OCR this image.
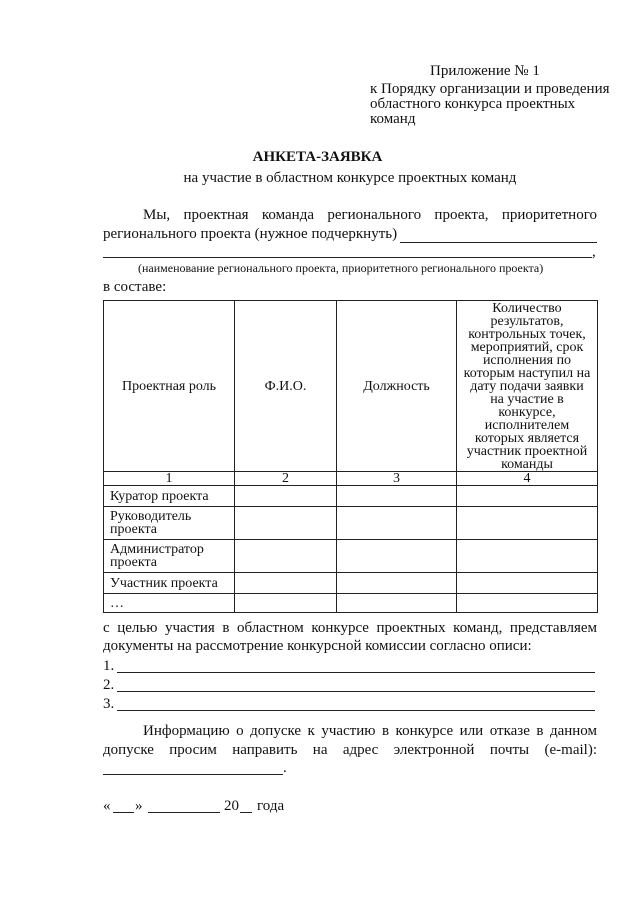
Приложение № 1
к Порядку организации и проведения
областного конкурса проектных
команд
АНКЕТА-ЗАЯВКА
на участие в областном конкурсе проектных команд
Мы, проектная команда регионального проекта, приоритетного
регионального проекта (нужное подчеркнуть)
,
(наименование регионального проекта, приоритетного регионального проекта)
в составе:
Проектная роль	Ф.И.О.	Должность	Количество результатов, контрольных точек, мероприятий, срок исполнения по которым наступил на дату подачи заявки на участие в конкурсе, исполнителем которых является участник проектной команды
1	2	3	4
Куратор проекта			
Руководитель проекта			
Администратор проекта			
Участник проекта			
…			
с целью участия в областном конкурсе проектных команд, представляем
документы на рассмотрение конкурсной комиссии согласно описи:
1.
2.
3.
Информацию о допуске к участию в конкурсе или отказе в данном
допуске просим направить на адрес электронной почты (e-mail):
.
« »	20 года
